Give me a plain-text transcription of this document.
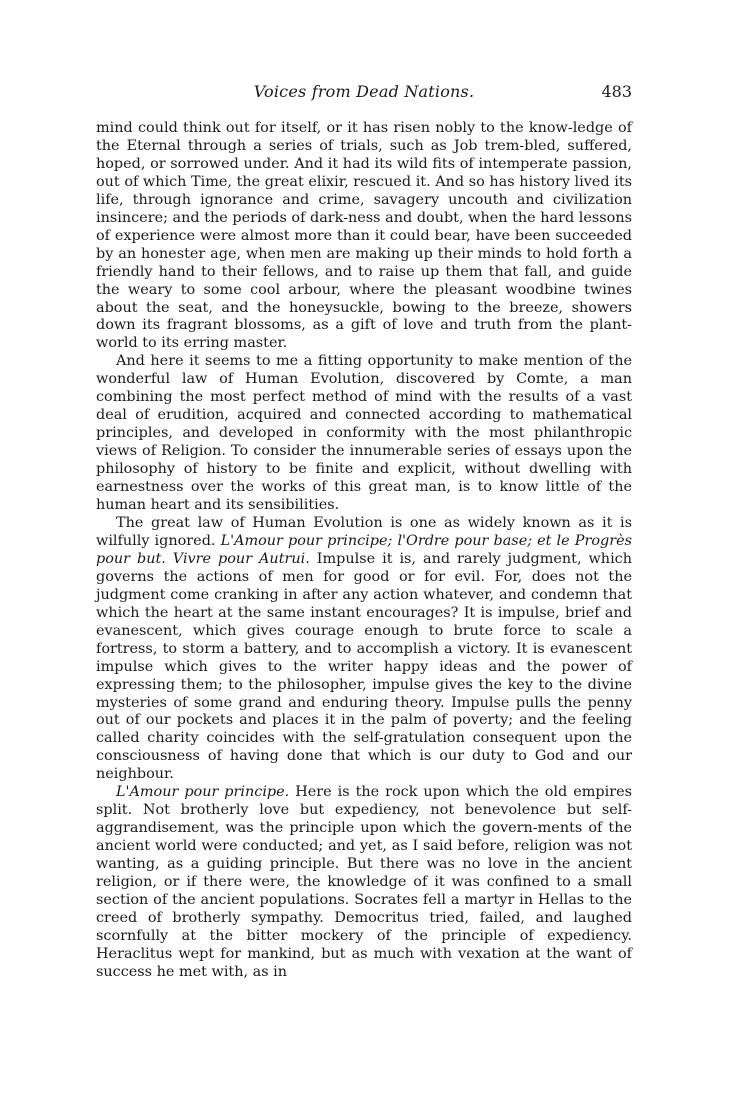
Voices from Dead Nations.	483

mind could think out for itself, or it has risen nobly to the know-ledge of the Eternal through a series of trials, such as Job trem-bled, suffered, hoped, or sorrowed under. And it had its wild fits of intemperate passion, out of which Time, the great elixir, rescued it. And so has history lived its life, through ignorance and crime, savagery uncouth and civilization insincere; and the periods of dark-ness and doubt, when the hard lessons of experience were almost more than it could bear, have been succeeded by an honester age, when men are making up their minds to hold forth a friendly hand to their fellows, and to raise up them that fall, and guide the weary to some cool arbour, where the pleasant woodbine twines about the seat, and the honeysuckle, bowing to the breeze, showers down its fragrant blossoms, as a gift of love and truth from the plant-world to its erring master.

And here it seems to me a fitting opportunity to make mention of the wonderful law of Human Evolution, discovered by Comte, a man combining the most perfect method of mind with the results of a vast deal of erudition, acquired and connected according to mathematical principles, and developed in conformity with the most philanthropic views of Religion. To consider the innumerable series of essays upon the philosophy of history to be finite and explicit, without dwelling with earnestness over the works of this great man, is to know little of the human heart and its sensibilities.

The great law of Human Evolution is one as widely known as it is wilfully ignored. L'Amour pour principe; l'Ordre pour base; et le Progrès pour but. Vivre pour Autrui. Impulse it is, and rarely judgment, which governs the actions of men for good or for evil. For, does not the judgment come cranking in after any action whatever, and condemn that which the heart at the same instant encourages? It is impulse, brief and evanescent, which gives courage enough to brute force to scale a fortress, to storm a battery, and to accomplish a victory. It is evanescent impulse which gives to the writer happy ideas and the power of expressing them; to the philosopher, impulse gives the key to the divine mysteries of some grand and enduring theory. Impulse pulls the penny out of our pockets and places it in the palm of poverty; and the feeling called charity coincides with the self-gratulation consequent upon the consciousness of having done that which is our duty to God and our neighbour.

L'Amour pour principe. Here is the rock upon which the old empires split. Not brotherly love but expediency, not benevolence but self-aggrandisement, was the principle upon which the govern-ments of the ancient world were conducted; and yet, as I said before, religion was not wanting, as a guiding principle. But there was no love in the ancient religion, or if there were, the knowledge of it was confined to a small section of the ancient populations. Socrates fell a martyr in Hellas to the creed of brotherly sympathy. Democritus tried, failed, and laughed scornfully at the bitter mockery of the principle of expediency. Heraclitus wept for mankind, but as much with vexation at the want of success he met with, as in
